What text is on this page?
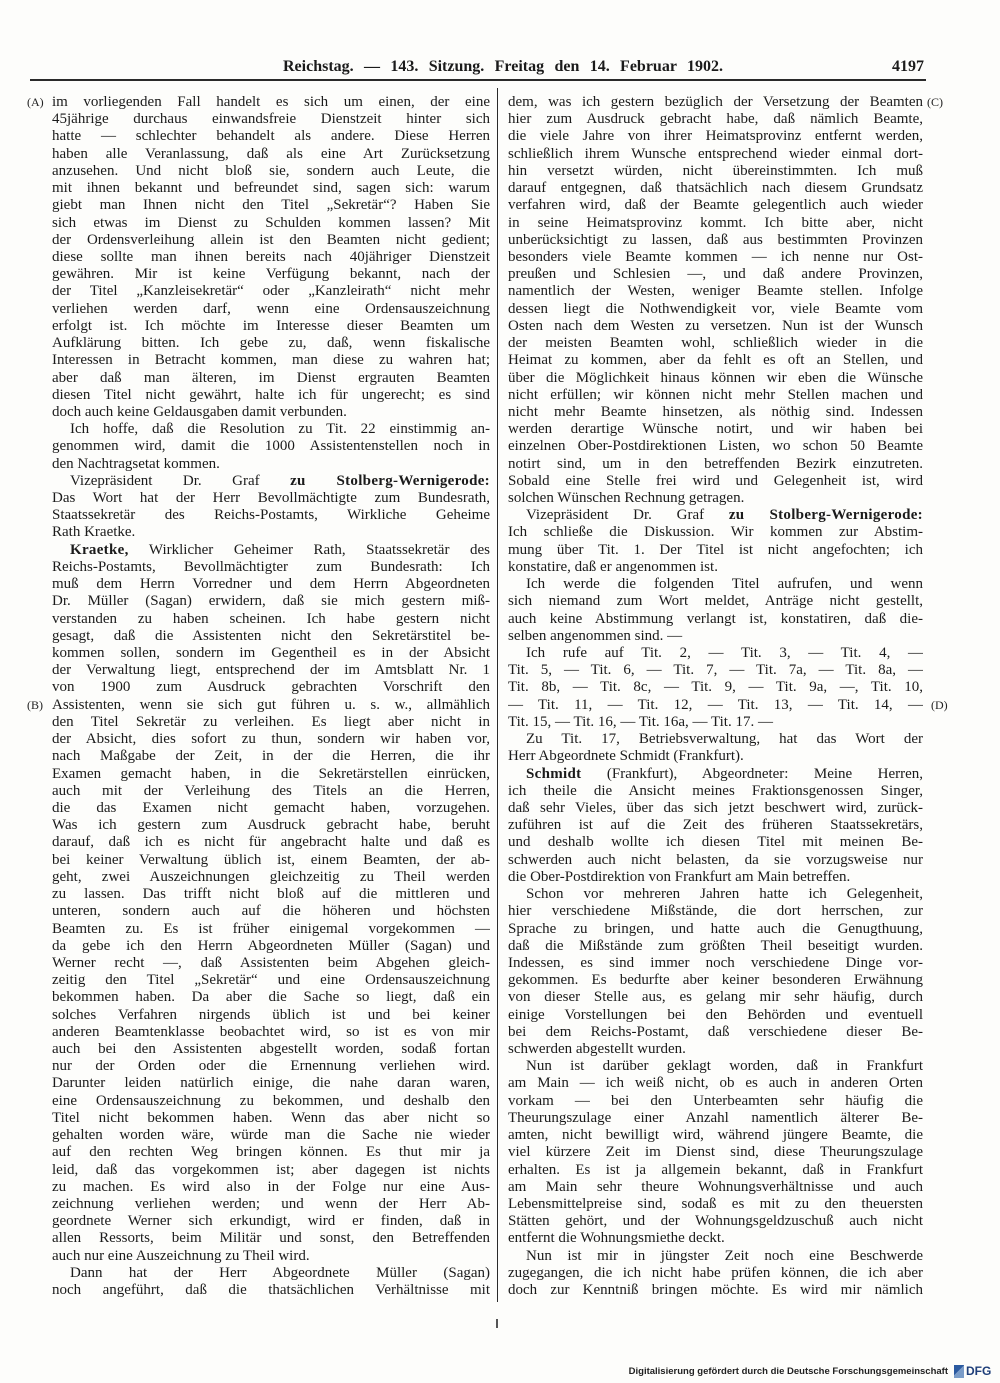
Reichstag. — 143. Sitzung. Freitag den 14. Februar 1902.	4197
(A)
(B)
(C)
(D)
im vorliegenden Fall handelt es sich um einen, der eine
45jährige durchaus einwandsfreie Dienstzeit hinter sich
hatte — schlechter behandelt als andere. Diese Herren
haben alle Veranlassung, daß als eine Art Zurücksetzung
anzusehen. Und nicht bloß sie, sondern auch Leute, die
mit ihnen bekannt und befreundet sind, sagen sich: warum
giebt man Ihnen nicht den Titel „Sekretär“? Haben Sie
sich etwas im Dienst zu Schulden kommen lassen? Mit
der Ordensverleihung allein ist den Beamten nicht gedient;
diese sollte man ihnen bereits nach 40jähriger Dienstzeit
gewähren. Mir ist keine Verfügung bekannt, nach der
der Titel „Kanzleisekretär“ oder „Kanzleirath“ nicht mehr
verliehen werden darf, wenn eine Ordensauszeichnung
erfolgt ist. Ich möchte im Interesse dieser Beamten um
Aufklärung bitten. Ich gebe zu, daß, wenn fiskalische
Interessen in Betracht kommen, man diese zu wahren hat;
aber daß man älteren, im Dienst ergrauten Beamten
diesen Titel nicht gewährt, halte ich für ungerecht; es sind
doch auch keine Geldausgaben damit verbunden.
Ich hoffe, daß die Resolution zu Tit. 22 einstimmig an-
genommen wird, damit die 1000 Assistentenstellen noch in
den Nachtragsetat kommen.
Vizepräsident Dr. Graf zu Stolberg-Wernigerode:
Das Wort hat der Herr Bevollmächtigte zum Bundesrath,
Staatssekretär des Reichs-Postamts, Wirkliche Geheime
Rath Kraetke.
Kraetke, Wirklicher Geheimer Rath, Staatssekretär des
Reichs-Postamts, Bevollmächtigter zum Bundesrath: Ich
muß dem Herrn Vorredner und dem Herrn Abgeordneten
Dr. Müller (Sagan) erwidern, daß sie mich gestern miß-
verstanden zu haben scheinen. Ich habe gestern nicht
gesagt, daß die Assistenten nicht den Sekretärstitel be-
kommen sollen, sondern im Gegentheil es in der Absicht
der Verwaltung liegt, entsprechend der im Amtsblatt Nr. 1
von 1900 zum Ausdruck gebrachten Vorschrift den
Assistenten, wenn sie sich gut führen u. s. w., allmählich
den Titel Sekretär zu verleihen. Es liegt aber nicht in
der Absicht, dies sofort zu thun, sondern wir haben vor,
nach Maßgabe der Zeit, in der die Herren, die ihr
Examen gemacht haben, in die Sekretärstellen einrücken,
auch mit der Verleihung des Titels an die Herren,
die das Examen nicht gemacht haben, vorzugehen.
Was ich gestern zum Ausdruck gebracht habe, beruht
darauf, daß ich es nicht für angebracht halte und daß es
bei keiner Verwaltung üblich ist, einem Beamten, der ab-
geht, zwei Auszeichnungen gleichzeitig zu Theil werden
zu lassen. Das trifft nicht bloß auf die mittleren und
unteren, sondern auch auf die höheren und höchsten
Beamten zu. Es ist früher einigemal vorgekommen —
da gebe ich den Herrn Abgeordneten Müller (Sagan) und
Werner recht —, daß Assistenten beim Abgehen gleich-
zeitig den Titel „Sekretär“ und eine Ordensauszeichnung
bekommen haben. Da aber die Sache so liegt, daß ein
solches Verfahren nirgends üblich ist und bei keiner
anderen Beamtenklasse beobachtet wird, so ist es von mir
auch bei den Assistenten abgestellt worden, sodaß fortan
nur der Orden oder die Ernennung verliehen wird.
Darunter leiden natürlich einige, die nahe daran waren,
eine Ordensauszeichnung zu bekommen, und deshalb den
Titel nicht bekommen haben. Wenn das aber nicht so
gehalten worden wäre, würde man die Sache nie wieder
auf den rechten Weg bringen können. Es thut mir ja
leid, daß das vorgekommen ist; aber dagegen ist nichts
zu machen. Es wird also in der Folge nur eine Aus-
zeichnung verliehen werden; und wenn der Herr Ab-
geordnete Werner sich erkundigt, wird er finden, daß in
allen Ressorts, beim Militär und sonst, den Betreffenden
auch nur eine Auszeichnung zu Theil wird.
Dann hat der Herr Abgeordnete Müller (Sagan)
noch angeführt, daß die thatsächlichen Verhältnisse mit
dem, was ich gestern bezüglich der Versetzung der Beamten
hier zum Ausdruck gebracht habe, daß nämlich Beamte,
die viele Jahre von ihrer Heimatsprovinz entfernt werden,
schließlich ihrem Wunsche entsprechend wieder einmal dort-
hin versetzt würden, nicht übereinstimmten. Ich muß
darauf entgegnen, daß thatsächlich nach diesem Grundsatz
verfahren wird, daß der Beamte gelegentlich auch wieder
in seine Heimatsprovinz kommt. Ich bitte aber, nicht
unberücksichtigt zu lassen, daß aus bestimmten Provinzen
besonders viele Beamte kommen — ich nenne nur Ost-
preußen und Schlesien —, und daß andere Provinzen,
namentlich der Westen, weniger Beamte stellen. Infolge
dessen liegt die Nothwendigkeit vor, viele Beamte vom
Osten nach dem Westen zu versetzen. Nun ist der Wunsch
der meisten Beamten wohl, schließlich wieder in die
Heimat zu kommen, aber da fehlt es oft an Stellen, und
über die Möglichkeit hinaus können wir eben die Wünsche
nicht erfüllen; wir können nicht mehr Stellen machen und
nicht mehr Beamte hinsetzen, als nöthig sind. Indessen
werden derartige Wünsche notirt, und wir haben bei
einzelnen Ober-Postdirektionen Listen, wo schon 50 Beamte
notirt sind, um in den betreffenden Bezirk einzutreten.
Sobald eine Stelle frei wird und Gelegenheit ist, wird
solchen Wünschen Rechnung getragen.
Vizepräsident Dr. Graf zu Stolberg-Wernigerode:
Ich schließe die Diskussion. Wir kommen zur Abstim-
mung über Tit. 1. Der Titel ist nicht angefochten; ich
konstatire, daß er angenommen ist.
Ich werde die folgenden Titel aufrufen, und wenn
sich niemand zum Wort meldet, Anträge nicht gestellt,
auch keine Abstimmung verlangt ist, konstatiren, daß die-
selben angenommen sind. —
Ich rufe auf Tit. 2, — Tit. 3, — Tit. 4, —
Tit. 5, — Tit. 6, — Tit. 7, — Tit. 7a, — Tit. 8a, —
Tit. 8b, — Tit. 8c, — Tit. 9, — Tit. 9a, —, Tit. 10,
— Tit. 11, — Tit. 12, — Tit. 13, — Tit. 14, —
Tit. 15, — Tit. 16, — Tit. 16a, — Tit. 17. —
Zu Tit. 17, Betriebsverwaltung, hat das Wort der
Herr Abgeordnete Schmidt (Frankfurt).
Schmidt (Frankfurt), Abgeordneter: Meine Herren,
ich theile die Ansicht meines Fraktionsgenossen Singer,
daß sehr Vieles, über das sich jetzt beschwert wird, zurück-
zuführen ist auf die Zeit des früheren Staatssekretärs,
und deshalb wollte ich diesen Titel mit meinen Be-
schwerden auch nicht belasten, da sie vorzugsweise nur
die Ober-Postdirektion von Frankfurt am Main betreffen.
Schon vor mehreren Jahren hatte ich Gelegenheit,
hier verschiedene Mißstände, die dort herrschen, zur
Sprache zu bringen, und hatte auch die Genugthuung,
daß die Mißstände zum größten Theil beseitigt wurden.
Indessen, es sind immer noch verschiedene Dinge vor-
gekommen. Es bedurfte aber keiner besonderen Erwähnung
von dieser Stelle aus, es gelang mir sehr häufig, durch
einige Vorstellungen bei den Behörden und eventuell
bei dem Reichs-Postamt, daß verschiedene dieser Be-
schwerden abgestellt wurden.
Nun ist darüber geklagt worden, daß in Frankfurt
am Main — ich weiß nicht, ob es auch in anderen Orten
vorkam — bei den Unterbeamten sehr häufig die
Theurungszulage einer Anzahl namentlich älterer Be-
amten, nicht bewilligt wird, während jüngere Beamte, die
viel kürzere Zeit im Dienst sind, diese Theurungszulage
erhalten. Es ist ja allgemein bekannt, daß in Frankfurt
am Main sehr theure Wohnungsverhältnisse und auch
Lebensmittelpreise sind, sodaß es mit zu den theuersten
Stätten gehört, und der Wohnungsgeldzuschuß auch nicht
entfernt die Wohnungsmiethe deckt.
Nun ist mir in jüngster Zeit noch eine Beschwerde
zugegangen, die ich nicht habe prüfen können, die ich aber
doch zur Kenntniß bringen möchte. Es wird mir nämlich
Digitalisierung gefördert durch die Deutsche Forschungsgemeinschaft DFG
